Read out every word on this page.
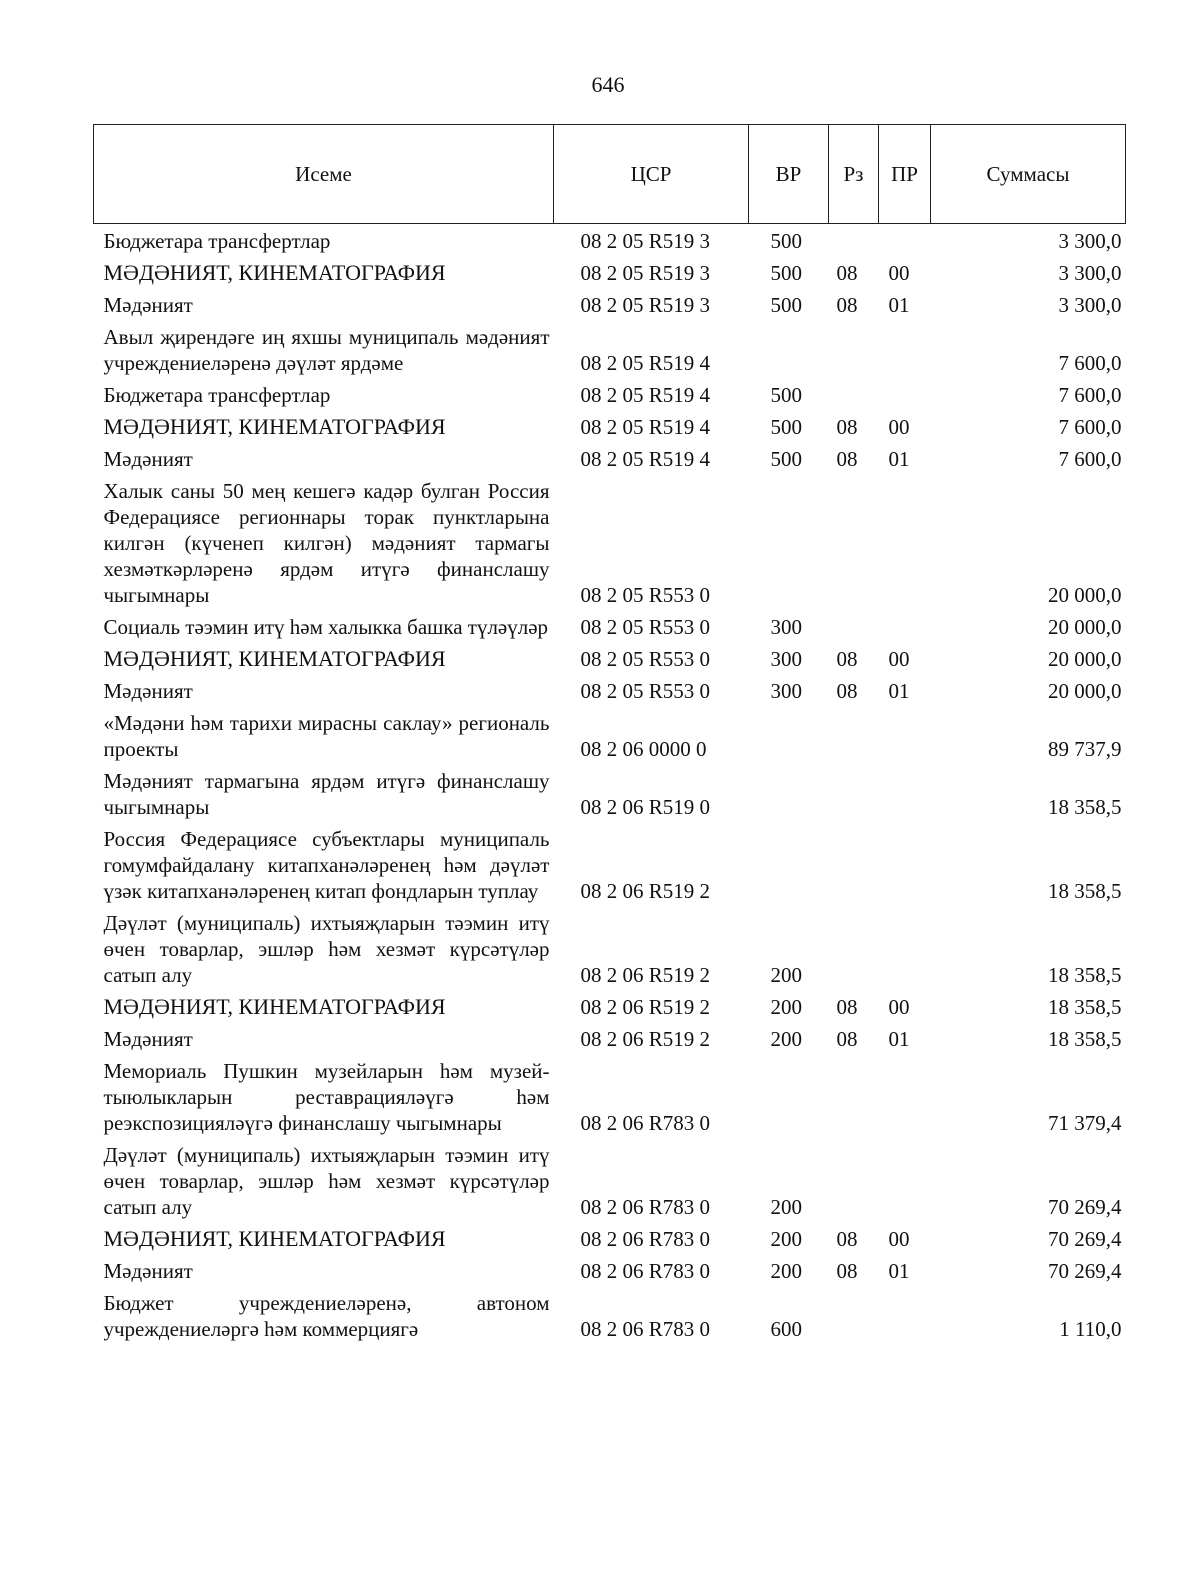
646
Исеме	ЦСР	ВР	Рз	ПР	Суммасы
Бюджетара трансфертлар	08 2 05 R519 3	500			3 300,0
МӘДӘНИЯТ, КИНЕМАТОГРАФИЯ	08 2 05 R519 3	500	08	00	3 300,0
Мәдәният	08 2 05 R519 3	500	08	01	3 300,0
Авыл җирендәге иң яхшы муниципаль мәдәният учреждениеләренә дәүләт ярдәме	08 2 05 R519 4				7 600,0
Бюджетара трансфертлар	08 2 05 R519 4	500			7 600,0
МӘДӘНИЯТ, КИНЕМАТОГРАФИЯ	08 2 05 R519 4	500	08	00	7 600,0
Мәдәният	08 2 05 R519 4	500	08	01	7 600,0
Халык саны 50 мең кешегә кадәр булган Россия Федерациясе регионнары торак пунктларына килгән (күченеп килгән) мәдәният тармагы хезмәткәрләренә ярдәм итүгә финанслашу чыгымнары	08 2 05 R553 0				20 000,0
Социаль тәэмин итү һәм халыкка башка түләүләр	08 2 05 R553 0	300			20 000,0
МӘДӘНИЯТ, КИНЕМАТОГРАФИЯ	08 2 05 R553 0	300	08	00	20 000,0
Мәдәният	08 2 05 R553 0	300	08	01	20 000,0
«Мәдәни һәм тарихи мирасны саклау» региональ проекты	08 2 06 0000 0				89 737,9
Мәдәният тармагына ярдәм итүгә финанслашу чыгымнары	08 2 06 R519 0				18 358,5
Россия Федерациясе субъектлары муниципаль гомумфайдалану китапханәләренең һәм дәүләт үзәк китапханәләренең китап фондларын туплау	08 2 06 R519 2				18 358,5
Дәүләт (муниципаль) ихтыяҗларын тәэмин итү өчен товарлар, эшләр һәм хезмәт күрсәтүләр сатып алу	08 2 06 R519 2	200			18 358,5
МӘДӘНИЯТ, КИНЕМАТОГРАФИЯ	08 2 06 R519 2	200	08	00	18 358,5
Мәдәният	08 2 06 R519 2	200	08	01	18 358,5
Мемориаль Пушкин музейларын һәм музей-тыюлыкларын реставрацияләүгә һәм реэкспозицияләүгә финанслашу чыгымнары	08 2 06 R783 0				71 379,4
Дәүләт (муниципаль) ихтыяҗларын тәэмин итү өчен товарлар, эшләр һәм хезмәт күрсәтүләр сатып алу	08 2 06 R783 0	200			70 269,4
МӘДӘНИЯТ, КИНЕМАТОГРАФИЯ	08 2 06 R783 0	200	08	00	70 269,4
Мәдәният	08 2 06 R783 0	200	08	01	70 269,4
Бюджет учреждениеләренә, автоном учреждениеләргә һәм коммерциягә	08 2 06 R783 0	600			1 110,0
